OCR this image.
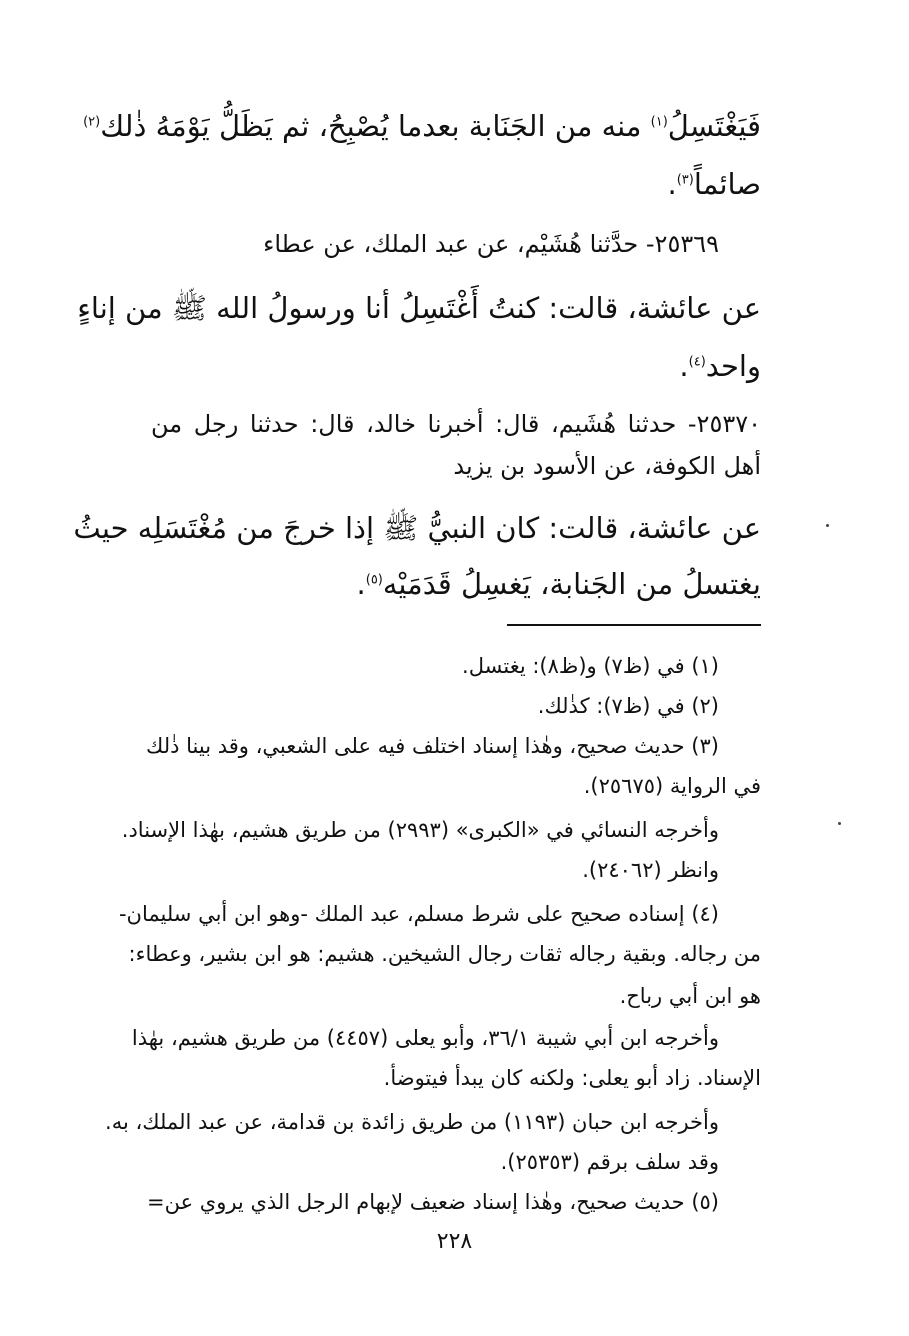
فَيَغْتَسِلُ$^{(١)}$ منه من الجَنَابة بعدما يُصْبِحُ، ثم يَظَلُّ يَوْمَهُ ذٰلك$^{(٢)}$
صائماً$^{(٣)}$.
٢٥٣٦٩- حدَّثنا هُشَيْم، عن عبد الملك، عن عطاء
عن عائشة، قالت: كنتُ أَغْتَسِلُ أنا ورسولُ الله ﷺ من إناءٍ
واحد$^{(٤)}$.
٢٥٣٧٠- حدثنا هُشَيم، قال: أخبرنا خالد، قال: حدثنا رجل من
أهل الكوفة، عن الأسود بن يزيد
عن عائشة، قالت: كان النبيُّ ﷺ إذا خرجَ من مُغْتَسَلِه حيثُ
يغتسلُ من الجَنابة، يَغسِلُ قَدَمَيْه$^{(٥)}$.
(١) في (ظ٧) و(ظ٨): يغتسل.
(٢) في (ظ٧): كذٰلك.
(٣) حديث صحيح، وهٰذا إسناد اختلف فيه على الشعبي، وقد بينا ذٰلك
في الرواية (٢٥٦٧٥).
وأخرجه النسائي في «الكبرى» (٢٩٩٣) من طريق هشيم، بهٰذا الإسناد.
وانظر (٢٤٠٦٢).
(٤) إسناده صحيح على شرط مسلم، عبد الملك -وهو ابن أبي سليمان-
من رجاله. وبقية رجاله ثقات رجال الشيخين. هشيم: هو ابن بشير، وعطاء:
هو ابن أبي رباح.
وأخرجه ابن أبي شيبة ٣٦/١، وأبو يعلى (٤٤٥٧) من طريق هشيم، بهٰذا
الإسناد. زاد أبو يعلى: ولكنه كان يبدأ فيتوضأ.
وأخرجه ابن حبان (١١٩٣) من طريق زائدة بن قدامة، عن عبد الملك، به.
وقد سلف برقم (٢٥٣٥٣).
(٥) حديث صحيح، وهٰذا إسناد ضعيف لإبهام الرجل الذي يروي عن=
٢٢٨
